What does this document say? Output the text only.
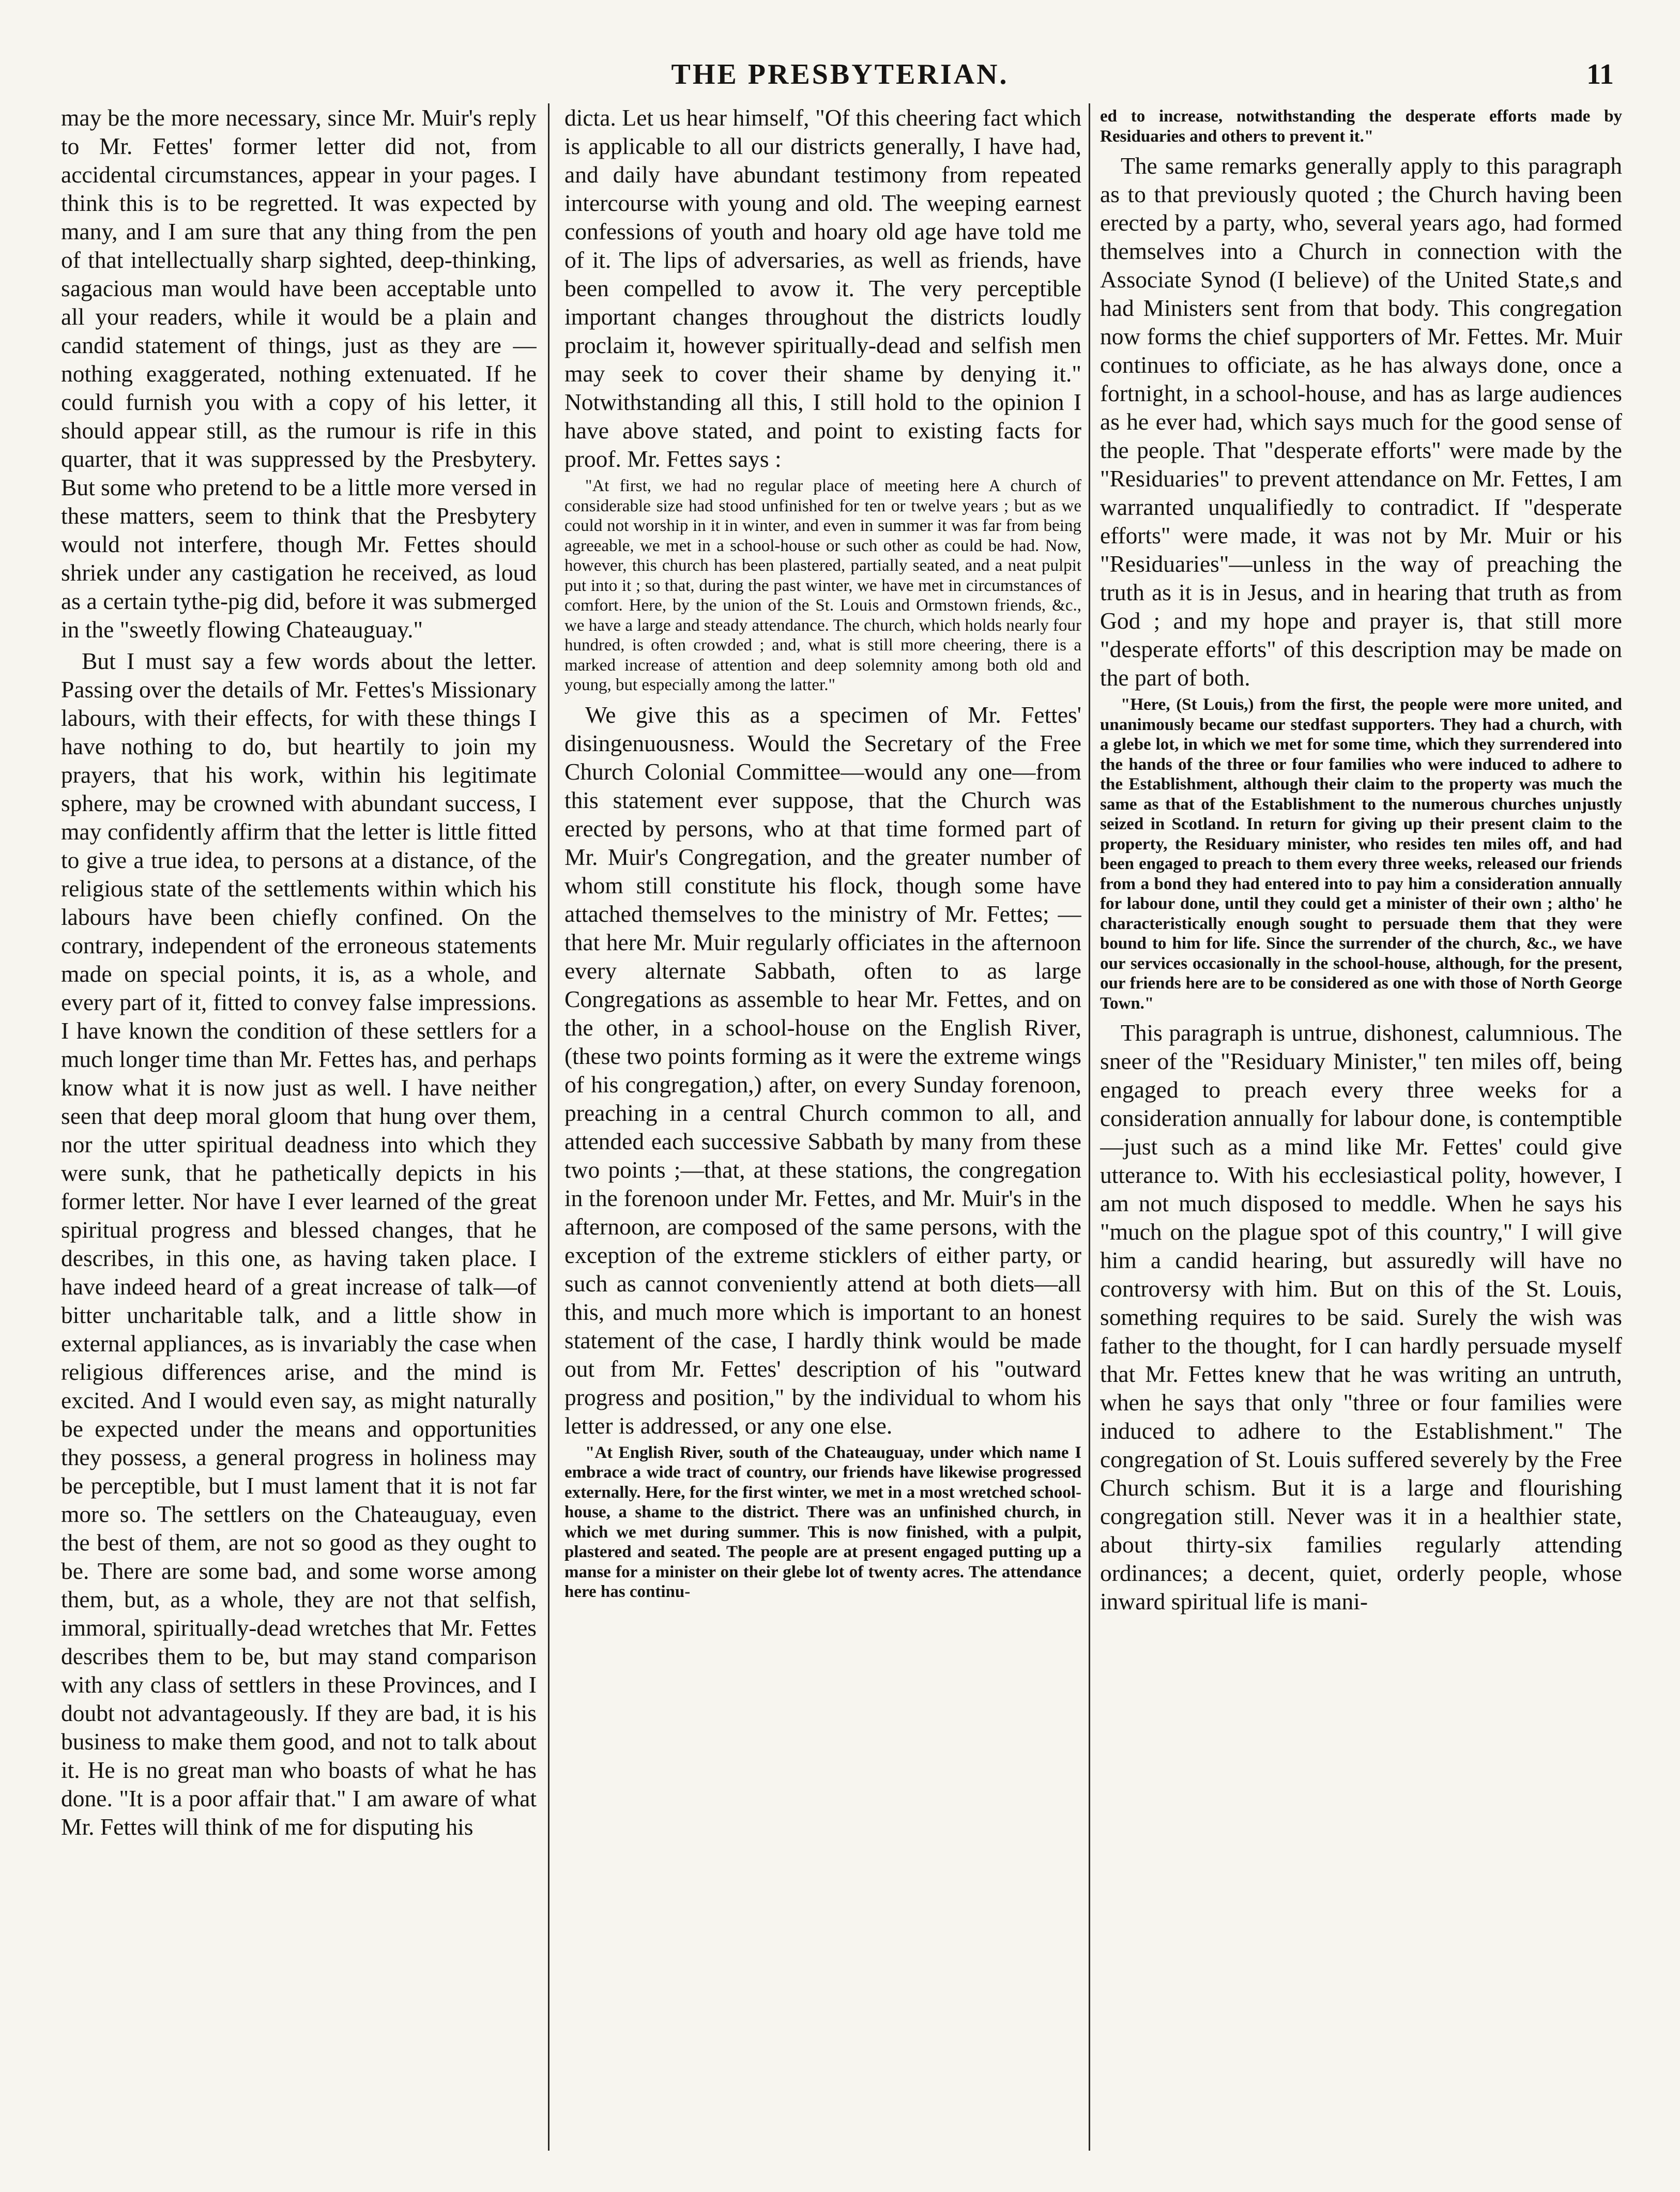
THE PRESBYTERIAN.	11

may be the more necessary, since Mr. Muir's reply to Mr. Fettes' former letter did not, from accidental circumstances, appear in your pages. I think this is to be regretted. It was expected by many, and I am sure that any thing from the pen of that intellectually sharp sighted, deep-thinking, sagacious man would have been acceptable unto all your readers, while it would be a plain and candid statement of things, just as they are — nothing exaggerated, nothing extenuated. If he could furnish you with a copy of his letter, it should appear still, as the rumour is rife in this quarter, that it was suppressed by the Presbytery. But some who pretend to be a little more versed in these matters, seem to think that the Presbytery would not interfere, though Mr. Fettes should shriek under any castigation he received, as loud as a certain tythe-pig did, before it was submerged in the "sweetly flowing Chateauguay."

But I must say a few words about the letter. Passing over the details of Mr. Fettes's Missionary labours, with their effects, for with these things I have nothing to do, but heartily to join my prayers, that his work, within his legitimate sphere, may be crowned with abundant success, I may confidently affirm that the letter is little fitted to give a true idea, to persons at a distance, of the religious state of the settlements within which his labours have been chiefly confined. On the contrary, independent of the erroneous statements made on special points, it is, as a whole, and every part of it, fitted to convey false impressions. I have known the condition of these settlers for a much longer time than Mr. Fettes has, and perhaps know what it is now just as well. I have neither seen that deep moral gloom that hung over them, nor the utter spiritual deadness into which they were sunk, that he pathetically depicts in his former letter. Nor have I ever learned of the great spiritual progress and blessed changes, that he describes, in this one, as having taken place. I have indeed heard of a great increase of talk—of bitter uncharitable talk, and a little show in external appliances, as is invariably the case when religious differences arise, and the mind is excited. And I would even say, as might naturally be expected under the means and opportunities they possess, a general progress in holiness may be perceptible, but I must lament that it is not far more so. The settlers on the Chateauguay, even the best of them, are not so good as they ought to be. There are some bad, and some worse among them, but, as a whole, they are not that selfish, immoral, spiritually-dead wretches that Mr. Fettes describes them to be, but may stand comparison with any class of settlers in these Provinces, and I doubt not advantageously. If they are bad, it is his business to make them good, and not to talk about it. He is no great man who boasts of what he has done. "It is a poor affair that." I am aware of what Mr. Fettes will think of me for disputing his

dicta. Let us hear himself, "Of this cheering fact which is applicable to all our districts generally, I have had, and daily have abundant testimony from repeated intercourse with young and old. The weeping earnest confessions of youth and hoary old age have told me of it. The lips of adversaries, as well as friends, have been compelled to avow it. The very perceptible important changes throughout the districts loudly proclaim it, however spiritually-dead and selfish men may seek to cover their shame by denying it." Notwithstanding all this, I still hold to the opinion I have above stated, and point to existing facts for proof. Mr. Fettes says :

"At first, we had no regular place of meeting here A church of considerable size had stood unfinished for ten or twelve years ; but as we could not worship in it in winter, and even in summer it was far from being agreeable, we met in a school-house or such other as could be had. Now, however, this church has been plastered, partially seated, and a neat pulpit put into it ; so that, during the past winter, we have met in circumstances of comfort. Here, by the union of the St. Louis and Ormstown friends, &c., we have a large and steady attendance. The church, which holds nearly four hundred, is often crowded ; and, what is still more cheering, there is a marked increase of attention and deep solemnity among both old and young, but especially among the latter."

We give this as a specimen of Mr. Fettes' disingenuousness. Would the Secretary of the Free Church Colonial Committee—would any one—from this statement ever suppose, that the Church was erected by persons, who at that time formed part of Mr. Muir's Congregation, and the greater number of whom still constitute his flock, though some have attached themselves to the ministry of Mr. Fettes; —that here Mr. Muir regularly officiates in the afternoon every alternate Sabbath, often to as large Congregations as assemble to hear Mr. Fettes, and on the other, in a school-house on the English River, (these two points forming as it were the extreme wings of his congregation,) after, on every Sunday forenoon, preaching in a central Church common to all, and attended each successive Sabbath by many from these two points ;—that, at these stations, the congregation in the forenoon under Mr. Fettes, and Mr. Muir's in the afternoon, are composed of the same persons, with the exception of the extreme sticklers of either party, or such as cannot conveniently attend at both diets—all this, and much more which is important to an honest statement of the case, I hardly think would be made out from Mr. Fettes' description of his "outward progress and position," by the individual to whom his letter is addressed, or any one else.

"At English River, south of the Chateauguay, under which name I embrace a wide tract of country, our friends have likewise progressed externally. Here, for the first winter, we met in a most wretched school-house, a shame to the district. There was an unfinished church, in which we met during summer. This is now finished, with a pulpit, plastered and seated. The people are at present engaged putting up a manse for a minister on their glebe lot of twenty acres. The attendance here has continu-

ed to increase, notwithstanding the desperate efforts made by Residuaries and others to prevent it."

The same remarks generally apply to this paragraph as to that previously quoted ; the Church having been erected by a party, who, several years ago, had formed themselves into a Church in connection with the Associate Synod (I believe) of the United State,s and had Ministers sent from that body. This congregation now forms the chief supporters of Mr. Fettes. Mr. Muir continues to officiate, as he has always done, once a fortnight, in a school-house, and has as large audiences as he ever had, which says much for the good sense of the people. That "desperate efforts" were made by the "Residuaries" to prevent attendance on Mr. Fettes, I am warranted unqualifiedly to contradict. If "desperate efforts" were made, it was not by Mr. Muir or his "Residuaries"—unless in the way of preaching the truth as it is in Jesus, and in hearing that truth as from God ; and my hope and prayer is, that still more "desperate efforts" of this description may be made on the part of both.

"Here, (St Louis,) from the first, the people were more united, and unanimously became our stedfast supporters. They had a church, with a glebe lot, in which we met for some time, which they surrendered into the hands of the three or four families who were induced to adhere to the Establishment, although their claim to the property was much the same as that of the Establishment to the numerous churches unjustly seized in Scotland. In return for giving up their present claim to the property, the Residuary minister, who resides ten miles off, and had been engaged to preach to them every three weeks, released our friends from a bond they had entered into to pay him a consideration annually for labour done, until they could get a minister of their own ; altho' he characteristically enough sought to persuade them that they were bound to him for life. Since the surrender of the church, &c., we have our services occasionally in the school-house, although, for the present, our friends here are to be considered as one with those of North George Town."

This paragraph is untrue, dishonest, calumnious. The sneer of the "Residuary Minister," ten miles off, being engaged to preach every three weeks for a consideration annually for labour done, is contemptible—just such as a mind like Mr. Fettes' could give utterance to. With his ecclesiastical polity, however, I am not much disposed to meddle. When he says his "much on the plague spot of this country," I will give him a candid hearing, but assuredly will have no controversy with him. But on this of the St. Louis, something requires to be said. Surely the wish was father to the thought, for I can hardly persuade myself that Mr. Fettes knew that he was writing an untruth, when he says that only "three or four families were induced to adhere to the Establishment." The congregation of St. Louis suffered severely by the Free Church schism. But it is a large and flourishing congregation still. Never was it in a healthier state, about thirty-six families regularly attending ordinances; a decent, quiet, orderly people, whose inward spiritual life is mani-
